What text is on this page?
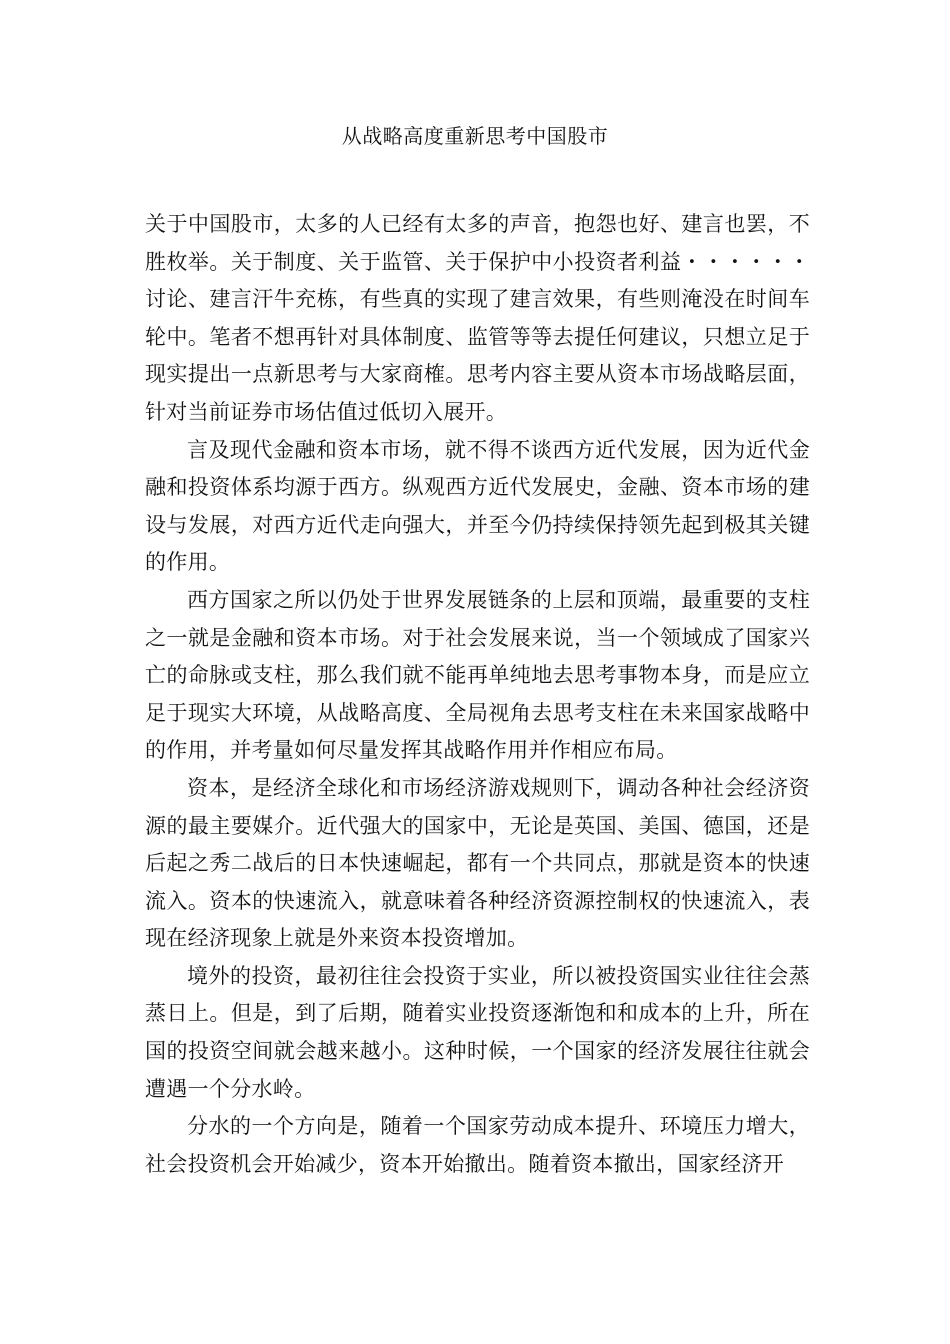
从战略高度重新思考中国股市

关于中国股市，太多的人已经有太多的声音，抱怨也好、建言也罢，不胜枚举。关于制度、关于监管、关于保护中小投资者利益・・・・・・讨论、建言汗牛充栋，有些真的实现了建言效果，有些则淹没在时间车轮中。笔者不想再针对具体制度、监管等等去提任何建议，只想立足于现实提出一点新思考与大家商榷。思考内容主要从资本市场战略层面，针对当前证券市场估值过低切入展开。

言及现代金融和资本市场，就不得不谈西方近代发展，因为近代金融和投资体系均源于西方。纵观西方近代发展史，金融、资本市场的建设与发展，对西方近代走向强大，并至今仍持续保持领先起到极其关键的作用。

西方国家之所以仍处于世界发展链条的上层和顶端，最重要的支柱之一就是金融和资本市场。对于社会发展来说，当一个领域成了国家兴亡的命脉或支柱，那么我们就不能再单纯地去思考事物本身，而是应立足于现实大环境，从战略高度、全局视角去思考支柱在未来国家战略中的作用，并考量如何尽量发挥其战略作用并作相应布局。

资本，是经济全球化和市场经济游戏规则下，调动各种社会经济资源的最主要媒介。近代强大的国家中，无论是英国、美国、德国，还是后起之秀二战后的日本快速崛起，都有一个共同点，那就是资本的快速流入。资本的快速流入，就意味着各种经济资源控制权的快速流入，表现在经济现象上就是外来资本投资增加。

境外的投资，最初往往会投资于实业，所以被投资国实业往往会蒸蒸日上。但是，到了后期，随着实业投资逐渐饱和和成本的上升，所在国的投资空间就会越来越小。这种时候，一个国家的经济发展往往就会遭遇一个分水岭。

分水的一个方向是，随着一个国家劳动成本提升、环境压力增大，社会投资机会开始减少，资本开始撤出。随着资本撤出，国家经济开
